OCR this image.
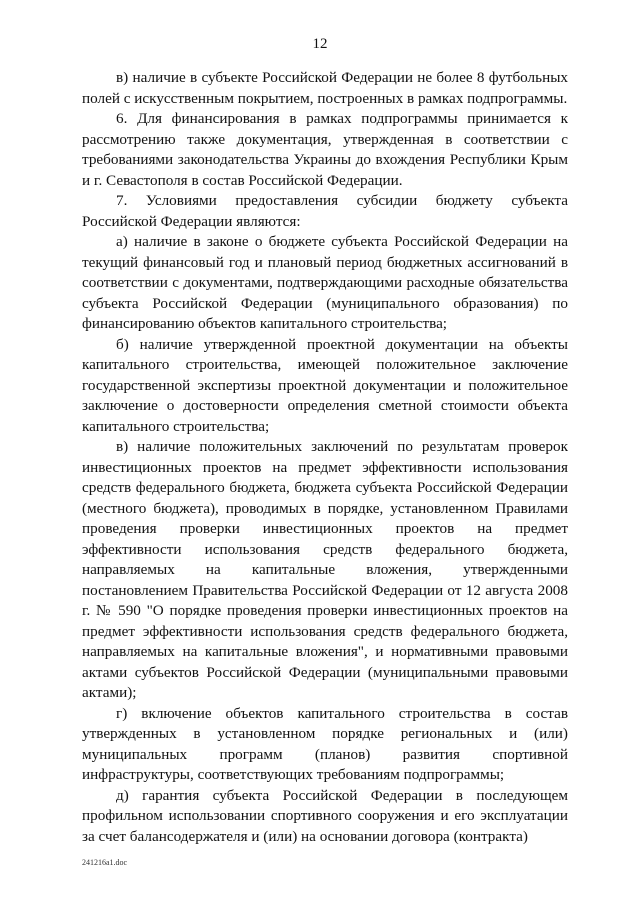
12

в) наличие в субъекте Российской Федерации не более 8 футбольных полей с искусственным покрытием, построенных в рамках подпрограммы.

6. Для финансирования в рамках подпрограммы принимается к рассмотрению также документация, утвержденная в соответствии с требованиями законодательства Украины до вхождения Республики Крым и г. Севастополя в состав Российской Федерации.

7. Условиями предоставления субсидии бюджету субъекта Российской Федерации являются:

а) наличие в законе о бюджете субъекта Российской Федерации на текущий финансовый год и плановый период бюджетных ассигнований в соответствии с документами, подтверждающими расходные обязательства субъекта Российской Федерации (муниципального образования) по финансированию объектов капитального строительства;

б) наличие утвержденной проектной документации на объекты капитального строительства, имеющей положительное заключение государственной экспертизы проектной документации и положительное заключение о достоверности определения сметной стоимости объекта капитального строительства;

в) наличие положительных заключений по результатам проверок инвестиционных проектов на предмет эффективности использования средств федерального бюджета, бюджета субъекта Российской Федерации (местного бюджета), проводимых в порядке, установленном Правилами проведения проверки инвестиционных проектов на предмет эффективности использования средств федерального бюджета, направляемых на капитальные вложения, утвержденными постановлением Правительства Российской Федерации от 12 августа 2008 г. № 590 "О порядке проведения проверки инвестиционных проектов на предмет эффективности использования средств федерального бюджета, направляемых на капитальные вложения", и нормативными правовыми актами субъектов Российской Федерации (муниципальными правовыми актами);

г) включение объектов капитального строительства в состав утвержденных в установленном порядке региональных и (или) муниципальных программ (планов) развития спортивной инфраструктуры, соответствующих требованиям подпрограммы;

д) гарантия субъекта Российской Федерации в последующем профильном использовании спортивного сооружения и его эксплуатации за счет балансодержателя и (или) на основании договора (контракта)

241216a1.doc
